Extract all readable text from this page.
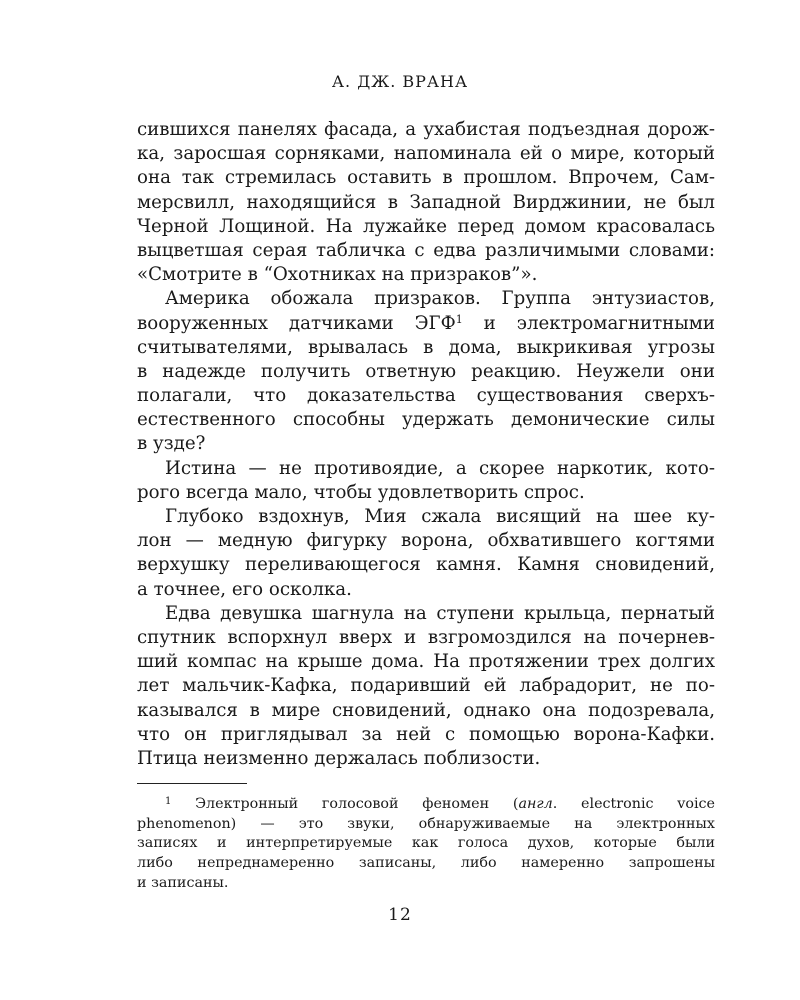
А. ДЖ. ВРАНА
сившихся панелях фасада, а ухабистая подъездная дорож-
ка, заросшая сорняками, напоминала ей о мире, который
она так стремилась оставить в прошлом. Впрочем, Сам-
мерсвилл, находящийся в Западной Вирджинии, не был
Черной Лощиной. На лужайке перед домом красовалась
выцветшая серая табличка с едва различимыми словами:
«Смотрите в “Охотниках на призраков”».
Америка обожала призраков. Группа энтузиастов,
вооруженных датчиками ЭГФ$^1$ и электромагнитными
считывателями, врывалась в дома, выкрикивая угрозы
в надежде получить ответную реакцию. Неужели они
полагали, что доказательства существования сверхъ-
естественного способны удержать демонические силы
в узде?
Истина — не противоядие, а скорее наркотик, кото-
рого всегда мало, чтобы удовлетворить спрос.
Глубоко вздохнув, Мия сжала висящий на шее ку-
лон — медную фигурку ворона, обхватившего когтями
верхушку переливающегося камня. Камня сновидений,
а точнее, его осколка.
Едва девушка шагнула на ступени крыльца, пернатый
спутник вспорхнул вверх и взгромоздился на почернев-
ший компас на крыше дома. На протяжении трех долгих
лет мальчик-Кафка, подаривший ей лабрадорит, не по-
казывался в мире сновидений, однако она подозревала,
что он приглядывал за ней с помощью ворона-Кафки.
Птица неизменно держалась поблизости.
$^1$ Электронный голосовой феномен (англ. electronic voice
phenomenon) — это звуки, обнаруживаемые на электронных
записях и интерпретируемые как голоса духов, которые были
либо непреднамеренно записаны, либо намеренно запрошены
и записаны.
12
